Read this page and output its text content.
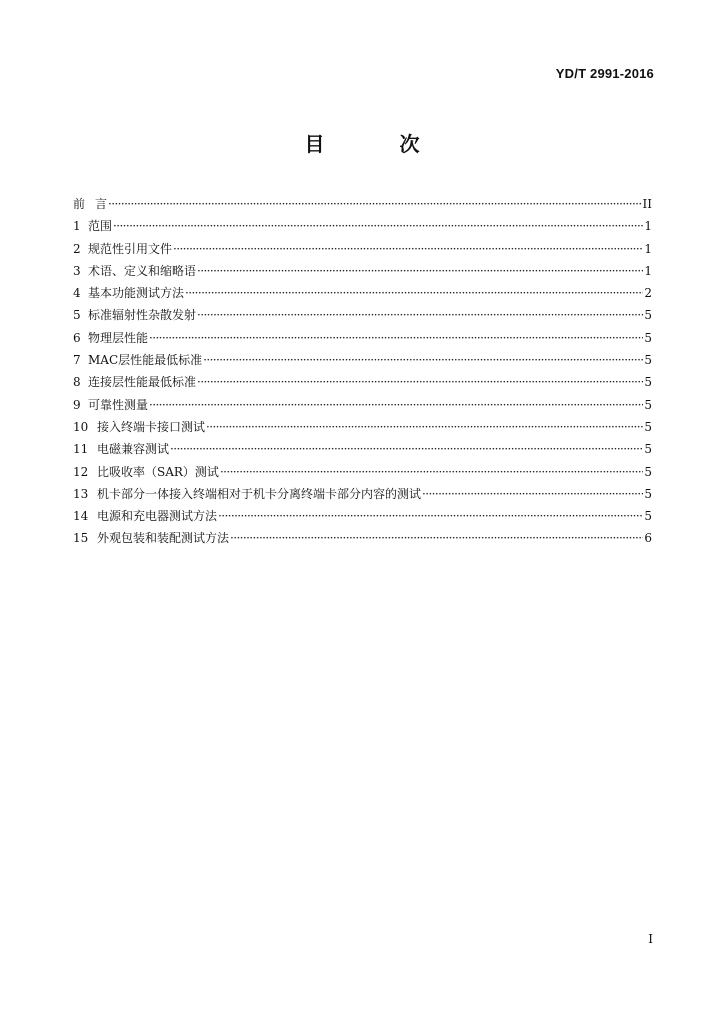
YD/T 2991-2016
目 次
前 言 ·····	II
1 范围 ·····	1
2 规范性引用文件 ·····	1
3 术语、定义和缩略语 ·····	1
4 基本功能测试方法 ·····	2
5 标准辐射性杂散发射 ·····	5
6 物理层性能 ·····	5
7 MAC层性能最低标准 ·····	5
8 连接层性能最低标准 ·····	5
9 可靠性测量 ·····	5
10 接入终端卡接口测试 ·····	5
11 电磁兼容测试 ·····	5
12 比吸收率（SAR）测试 ·····	5
13 机卡部分一体接入终端相对于机卡分离终端卡部分内容的测试 ·····	5
14 电源和充电器测试方法 ·····	5
15 外观包装和装配测试方法 ·····	6
I
